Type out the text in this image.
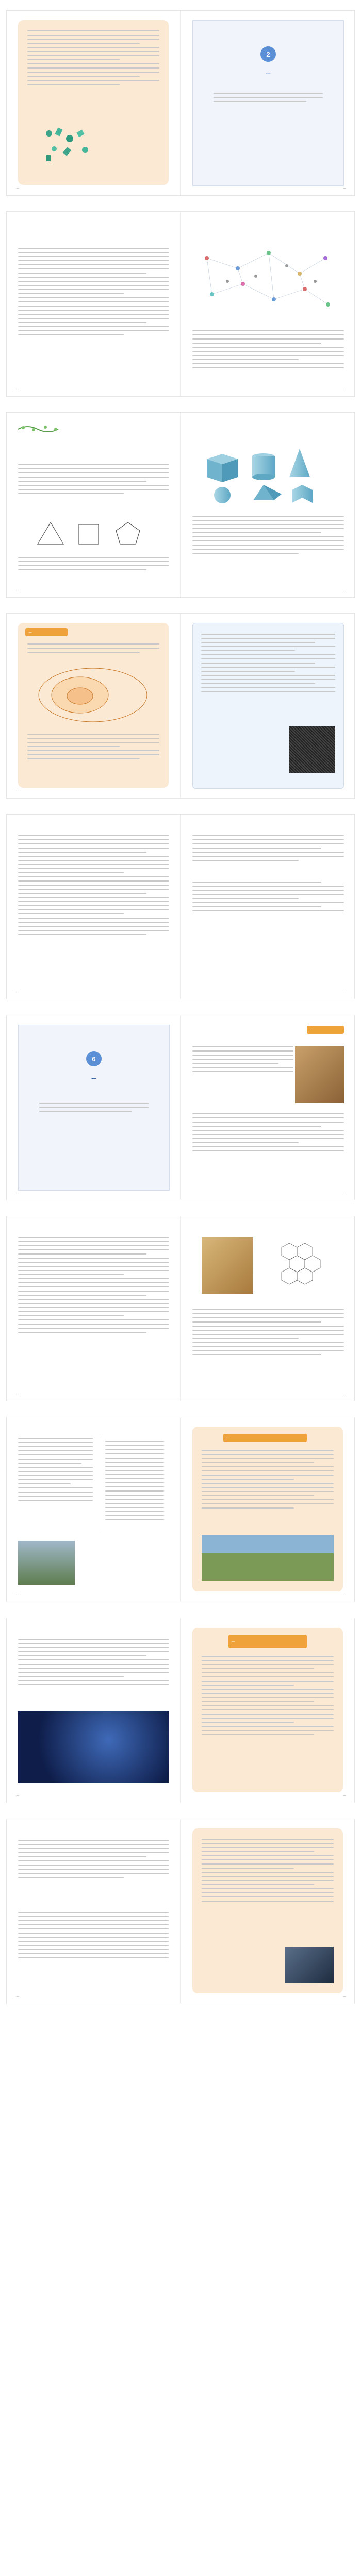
—
2
—
—
—	—
—	—
—
—	—
—	—
6
—
—
—
—
—	—
—
—
—
—
—
—
—	—
